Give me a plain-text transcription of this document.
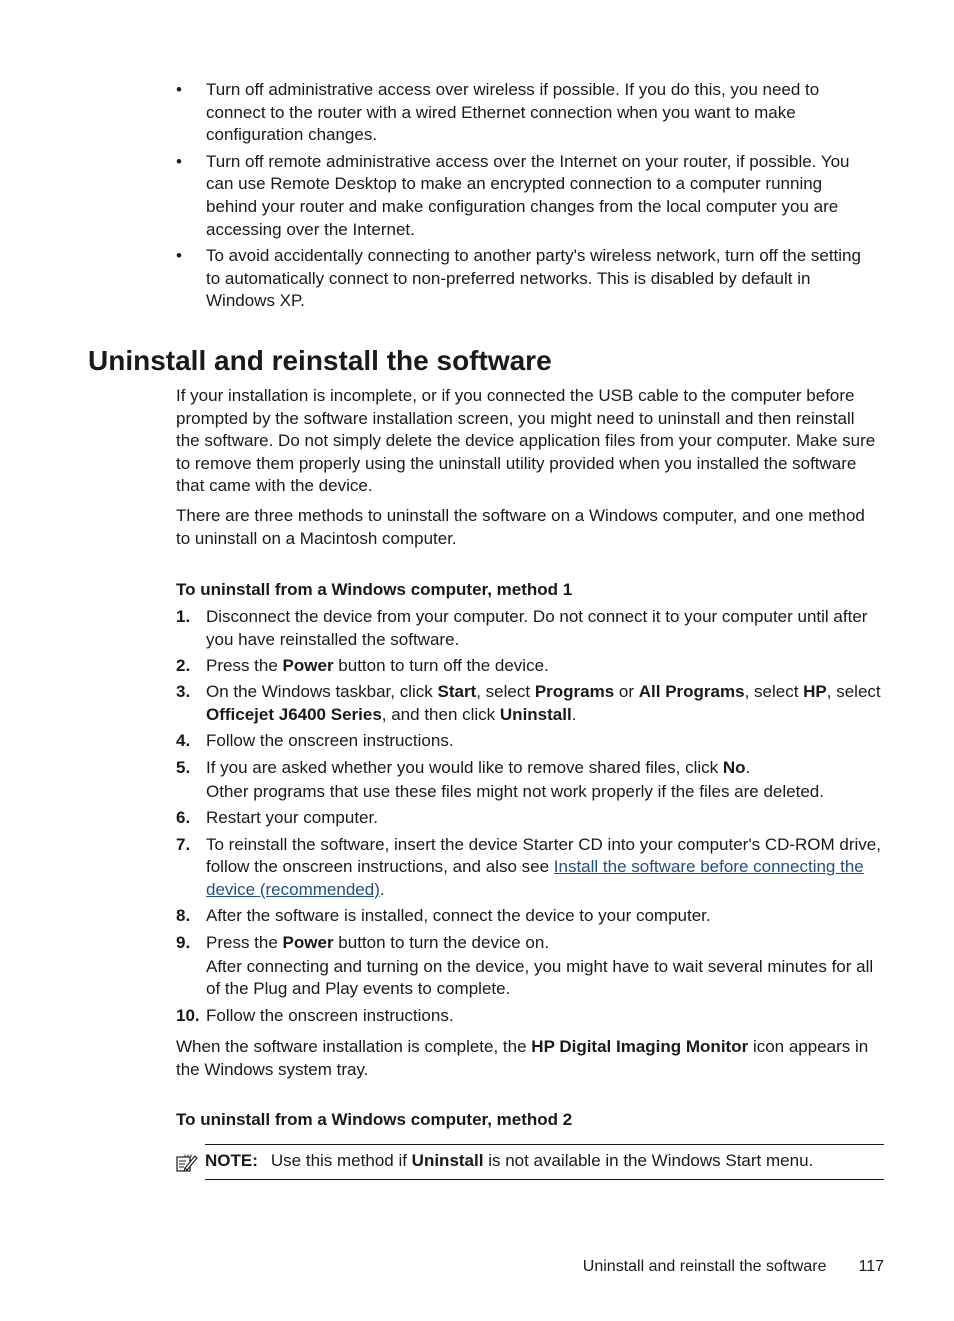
• Turn off administrative access over wireless if possible. If you do this, you need to connect to the router with a wired Ethernet connection when you want to make configuration changes.
• Turn off remote administrative access over the Internet on your router, if possible. You can use Remote Desktop to make an encrypted connection to a computer running behind your router and make configuration changes from the local computer you are accessing over the Internet.
• To avoid accidentally connecting to another party's wireless network, turn off the setting to automatically connect to non-preferred networks. This is disabled by default in Windows XP.
Uninstall and reinstall the software

If your installation is incomplete, or if you connected the USB cable to the computer before prompted by the software installation screen, you might need to uninstall and then reinstall the software. Do not simply delete the device application files from your computer. Make sure to remove them properly using the uninstall utility provided when you installed the software that came with the device.

There are three methods to uninstall the software on a Windows computer, and one method to uninstall on a Macintosh computer.

To uninstall from a Windows computer, method 1

1. Disconnect the device from your computer. Do not connect it to your computer until after you have reinstalled the software.
2. Press the Power button to turn off the device.
3. On the Windows taskbar, click Start, select Programs or All Programs, select HP, select Officejet J6400 Series, and then click Uninstall.
4. Follow the onscreen instructions.
5. If you are asked whether you would like to remove shared files, click No.
Other programs that use these files might not work properly if the files are deleted.
6. Restart your computer.
7. To reinstall the software, insert the device Starter CD into your computer's CD-ROM drive, follow the onscreen instructions, and also see Install the software before connecting the device (recommended).
8. After the software is installed, connect the device to your computer.
9. Press the Power button to turn the device on.
After connecting and turning on the device, you might have to wait several minutes for all of the Plug and Play events to complete.
10. Follow the onscreen instructions.

When the software installation is complete, the HP Digital Imaging Monitor icon appears in the Windows system tray.

To uninstall from a Windows computer, method 2

NOTE: Use this method if Uninstall is not available in the Windows Start menu.
Uninstall and reinstall the software 117
